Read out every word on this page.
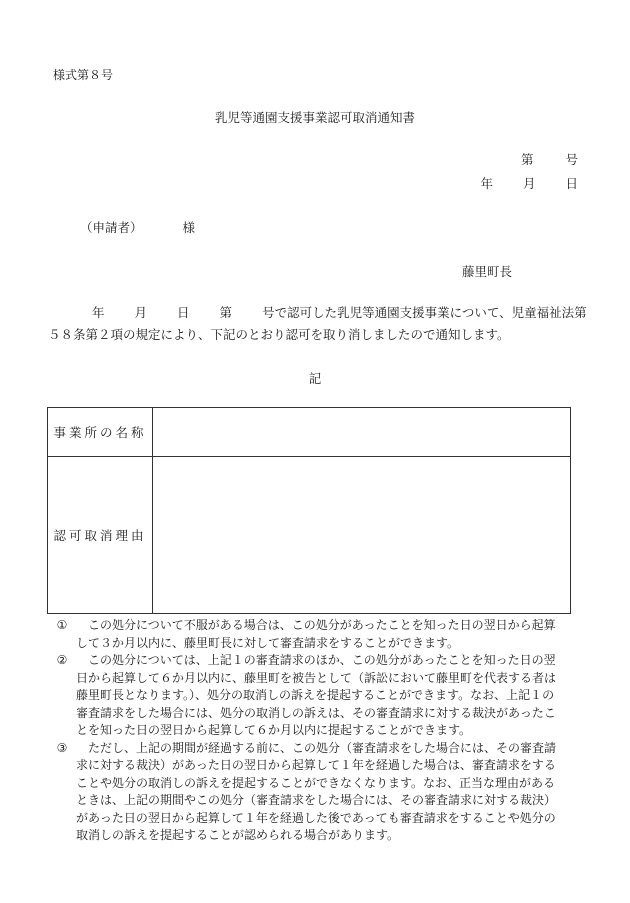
様式第８号
乳児等通園支援事業認可取消通知書
第	号
年 月 日
（申請者）	様
藤里町長
年 月 日 第 号で認可した乳児等通園支援事業について、児童福祉法第
５８条第２項の規定により、下記のとおり認可を取り消しましたので通知します。
記
事業所の名称	
認可取消理由	
① 　この処分について不服がある場合は、この処分があったことを知った日の翌日から起算
して３か月以内に、藤里町長に対して審査請求をすることができます。
② 　この処分については、上記１の審査請求のほか、この処分があったことを知った日の翌
日から起算して６か月以内に、藤里町を被告として（訴訟において藤里町を代表する者は
藤里町長となります。）、処分の取消しの訴えを提起することができます。なお、上記１の
審査請求をした場合には、処分の取消しの訴えは、その審査請求に対する裁決があったこ
とを知った日の翌日から起算して６か月以内に提起することができます。
③ 　ただし、上記の期間が経過する前に、この処分（審査請求をした場合には、その審査請
求に対する裁決）があった日の翌日から起算して１年を経過した場合は、審査請求をする
ことや処分の取消しの訴えを提起することができなくなります。なお、正当な理由がある
ときは、上記の期間やこの処分（審査請求をした場合には、その審査請求に対する裁決）
があった日の翌日から起算して１年を経過した後であっても審査請求をすることや処分の
取消しの訴えを提起することが認められる場合があります。
